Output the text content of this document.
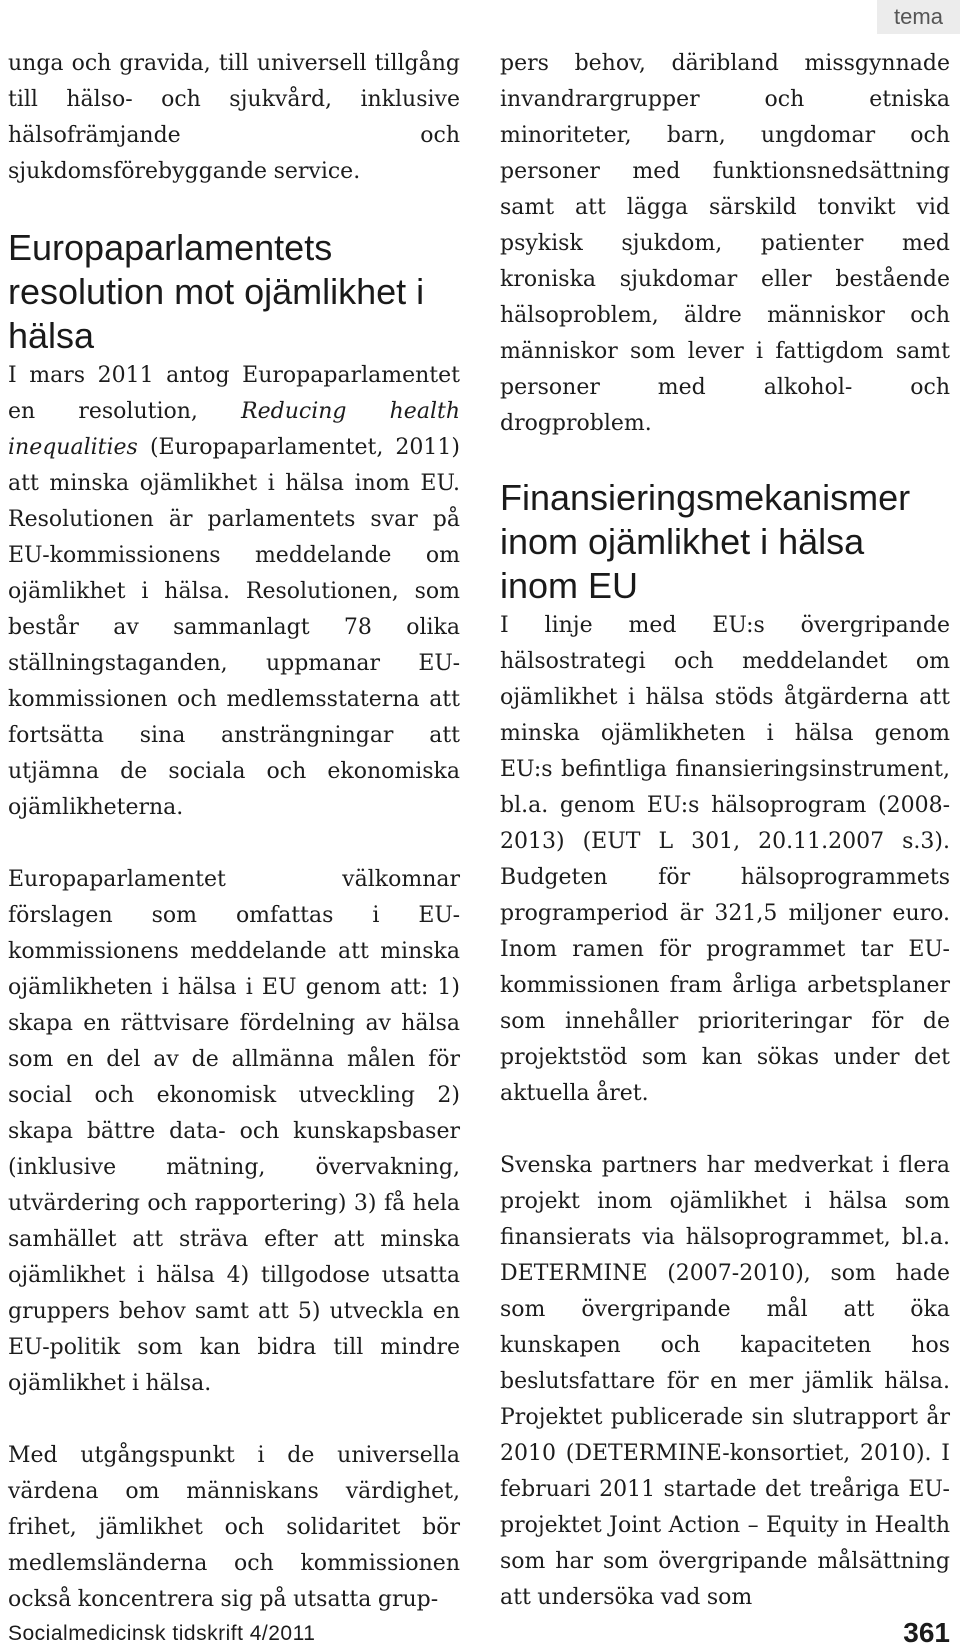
tema

unga och gravida, till universell tillgång till hälso- och sjukvård, inklusive hälsofrämjande och sjukdomsförebyggande service.

Europaparlamentets resolution mot ojämlikhet i hälsa

I mars 2011 antog Europaparlamentet en resolution, Reducing health inequalities (Europaparlamentet, 2011) att minska ojämlikhet i hälsa inom EU. Resolutionen är parlamentets svar på EU-kommissionens meddelande om ojämlikhet i hälsa. Resolutionen, som består av sammanlagt 78 olika ställningstaganden, uppmanar EU-kommissionen och medlemsstaterna att fortsätta sina ansträngningar att utjämna de sociala och ekonomiska ojämlikheterna.

Europaparlamentet välkomnar förslagen som omfattas i EU-kommissionens meddelande att minska ojämlikheten i hälsa i EU genom att: 1) skapa en rättvisare fördelning av hälsa som en del av de allmänna målen för social och ekonomisk utveckling 2) skapa bättre data- och kunskapsbaser (inklusive mätning, övervakning, utvärdering och rapportering) 3) få hela samhället att sträva efter att minska ojämlikhet i hälsa 4) tillgodose utsatta gruppers behov samt att 5) utveckla en EU-politik som kan bidra till mindre ojämlikhet i hälsa.

Med utgångspunkt i de universella värdena om människans värdighet, frihet, jämlikhet och solidaritet bör medlemsländerna och kommissionen också koncentrera sig på utsatta grup-

pers behov, däribland missgynnade invandrargrupper och etniska minoriteter, barn, ungdomar och personer med funktionsnedsättning samt att lägga särskild tonvikt vid psykisk sjukdom, patienter med kroniska sjukdomar eller bestående hälsoproblem, äldre människor och människor som lever i fattigdom samt personer med alkohol- och drogproblem.

Finansieringsmekanismer inom ojämlikhet i hälsa inom EU

I linje med EU:s övergripande hälsostrategi och meddelandet om ojämlikhet i hälsa stöds åtgärderna att minska ojämlikheten i hälsa genom EU:s befintliga finansieringsinstrument, bl.a. genom EU:s hälsoprogram (2008-2013) (EUT L 301, 20.11.2007 s.3). Budgeten för hälsoprogrammets programperiod är 321,5 miljoner euro. Inom ramen för programmet tar EU-kommissionen fram årliga arbetsplaner som innehåller prioriteringar för de projektstöd som kan sökas under det aktuella året.

Svenska partners har medverkat i flera projekt inom ojämlikhet i hälsa som finansierats via hälsoprogrammet, bl.a. DETERMINE (2007-2010), som hade som övergripande mål att öka kunskapen och kapaciteten hos beslutsfattare för en mer jämlik hälsa. Projektet publicerade sin slutrapport år 2010 (DETERMINE-konsortiet, 2010). I februari 2011 startade det treåriga EU-projektet Joint Action – Equity in Health som har som övergripande målsättning att undersöka vad som

Socialmedicinsk tidskrift 4/2011	361
